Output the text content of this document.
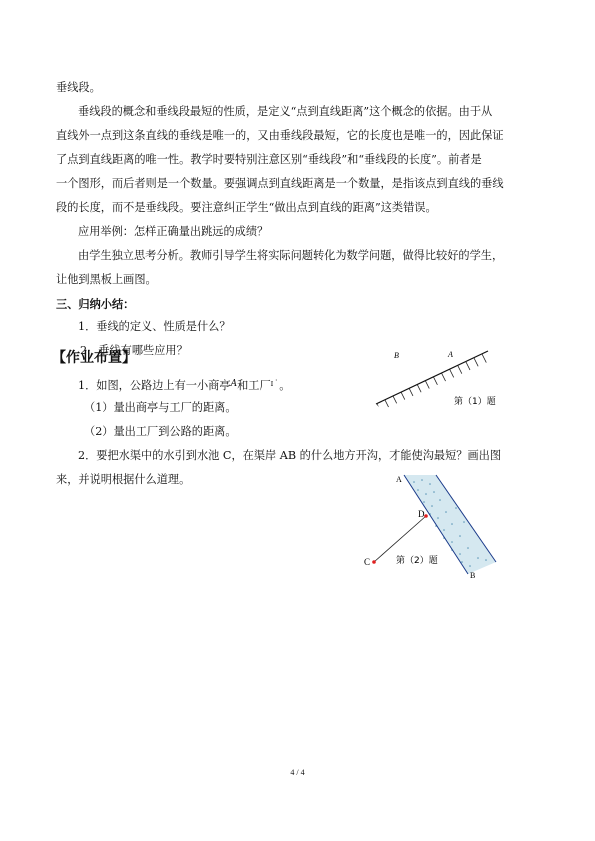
垂线段。

垂线段的概念和垂线段最短的性质，是定义“点到直线距离”这个概念的依据。由于从

直线外一点到这条直线的垂线是唯一的，又由垂线段最短，它的长度也是唯一的，因此保证

了点到直线距离的唯一性。教学时要特别注意区别“垂线段”和“垂线段的长度”。前者是

一个图形，而后者则是一个数量。要强调点到直线距离是一个数量，是指该点到直线的垂线

段的长度，而不是垂线段。要注意纠正学生“做出点到直线的距离”这类错误。

应用举例：怎样正确量出跳远的成绩？

由学生独立思考分析。教师引导学生将实际问题转化为数学问题，做得比较好的学生，

让他到黑板上画图。

三、归纳小结：

1．垂线的定义、性质是什么？

2．垂线有哪些应用？

【作业布置】

1．如图，公路边上有一小商亭$^A$和工厂$^{ɪ˙}$。

（1）量出商亭与工厂的距离。

（2）量出工厂到公路的距离。

2．要把水渠中的水引到水池 C，在渠岸 AB 的什么地方开沟，才能使沟最短？画出图

来，并说明根据什么道理。

B	A
第（1）题
A
D
C
B
第（2）题
4 / 4
